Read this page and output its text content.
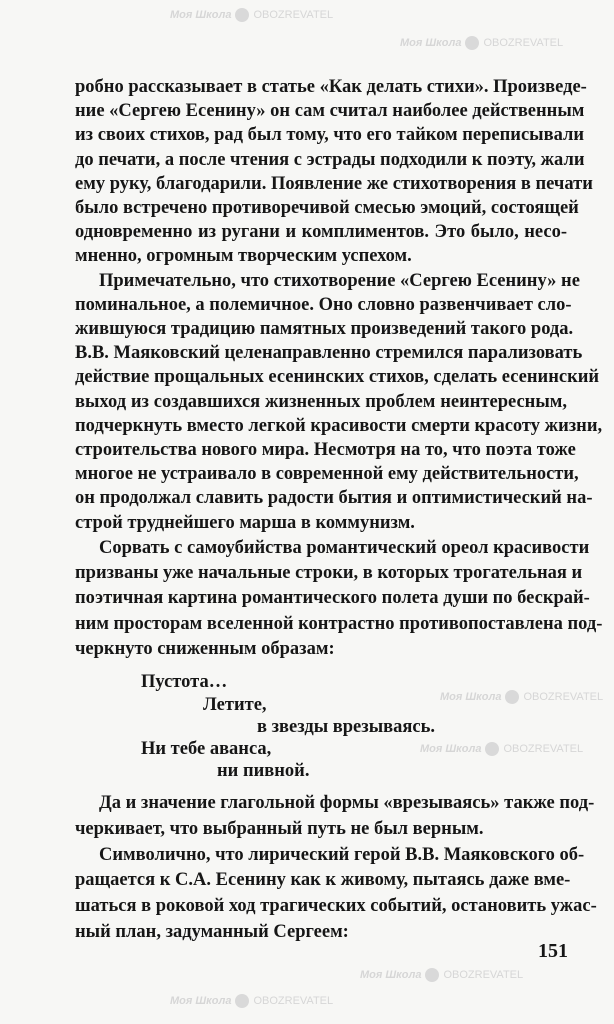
Моя Школа OBOZREVATEL
Моя Школа OBOZREVATEL
Моя Школа OBOZREVATEL
Моя Школа OBOZREVATEL
Моя Школа OBOZREVATEL
Моя Школа OBOZREVATEL

робно рассказывает в статье «Как делать стихи». Произведе-
ние «Сергею Есенину» он сам считал наиболее действенным
из своих стихов, рад был тому, что его тайком переписывали
до печати, а после чтения с эстрады подходили к поэту, жали
ему руку, благодарили. Появление же стихотворения в печати
было встречено противоречивой смесью эмоций, состоящей
одновременно из ругани и комплиментов. Это было, несо-
мненно, огромным творческим успехом.

Примечательно, что стихотворение «Сергею Есенину» не
поминальное, а полемичное. Оно словно развенчивает сло-
жившуюся традицию памятных произведений такого рода.
В.В. Маяковский целенаправленно стремился парализовать
действие прощальных есенинских стихов, сделать есенинский
выход из создавшихся жизненных проблем неинтересным,
подчеркнуть вместо легкой красивости смерти красоту жизни,
строительства нового мира. Несмотря на то, что поэта тоже
многое не устраивало в современной ему действительности,
он продолжал славить радости бытия и оптимистический на-
строй труднейшего марша в коммунизм.

Сорвать с самоубийства романтический ореол красивости
призваны уже начальные строки, в которых трогательная и
поэтичная картина романтического полета души по бескрай-
ним просторам вселенной контрастно противопоставлена под-
черкнуто сниженным образам:

Пустота…
Летите,
в звезды врезываясь.
Ни тебе аванса,
ни пивной.

Да и значение глагольной формы «врезываясь» также под-
черкивает, что выбранный путь не был верным.

Символично, что лирический герой В.В. Маяковского об-
ращается к С.А. Есенину как к живому, пытаясь даже вме-
шаться в роковой ход трагических событий, остановить ужас-
ный план, задуманный Сергеем:

151
